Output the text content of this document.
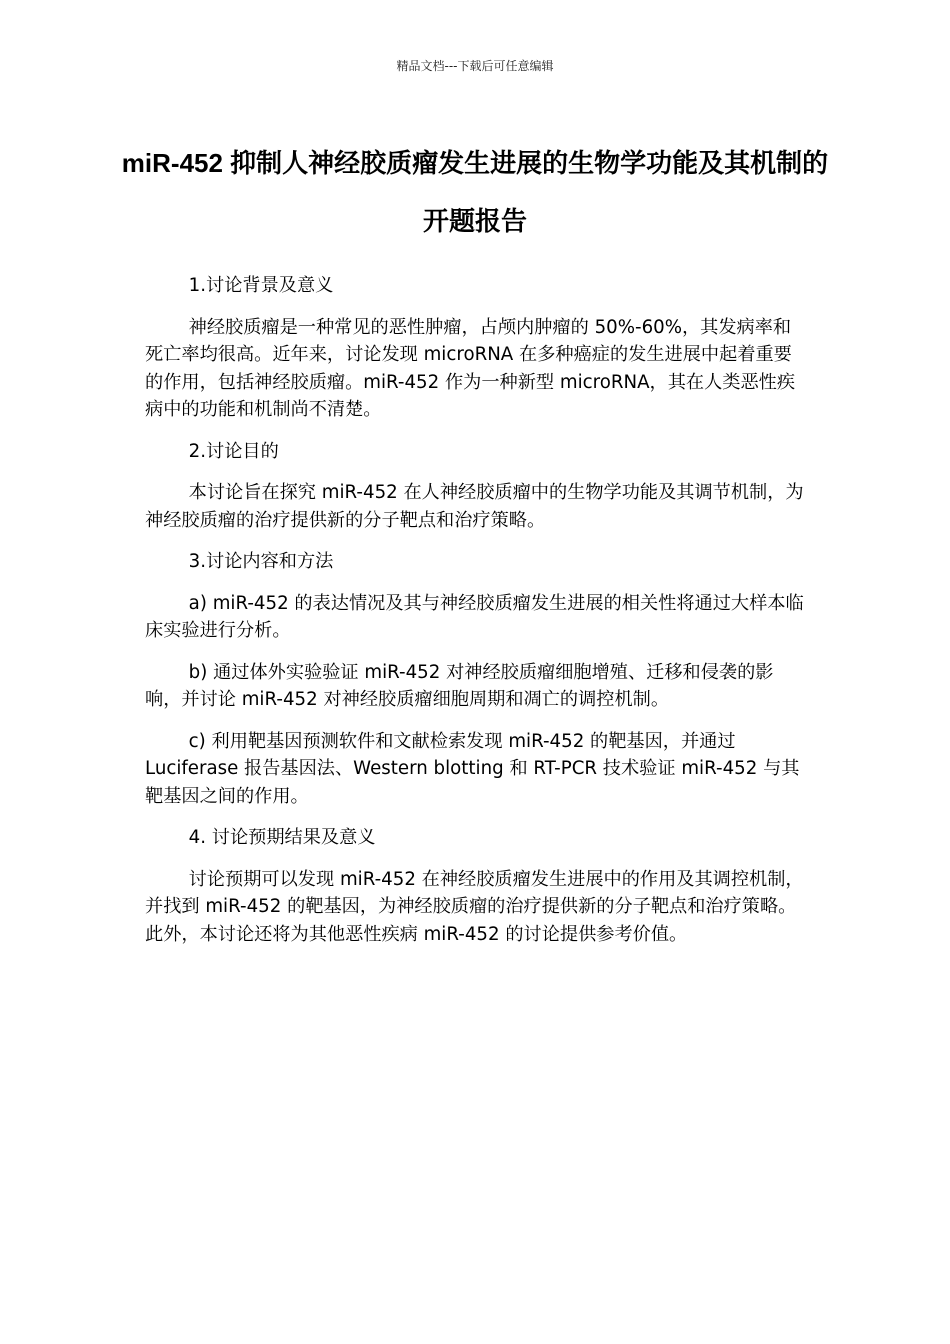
精品文档---下载后可任意编辑
miR-452 抑制人神经胶质瘤发生进展的生物学功能及其机制的开题报告

1.讨论背景及意义

神经胶质瘤是一种常见的恶性肿瘤，占颅内肿瘤的 50%-60%，其发病率和死亡率均很高。近年来，讨论发现 microRNA 在多种癌症的发生进展中起着重要的作用，包括神经胶质瘤。miR-452 作为一种新型 microRNA，其在人类恶性疾病中的功能和机制尚不清楚。

2.讨论目的

本讨论旨在探究 miR-452 在人神经胶质瘤中的生物学功能及其调节机制，为神经胶质瘤的治疗提供新的分子靶点和治疗策略。

3.讨论内容和方法

a) miR-452 的表达情况及其与神经胶质瘤发生进展的相关性将通过大样本临床实验进行分析。

b) 通过体外实验验证 miR-452 对神经胶质瘤细胞增殖、迁移和侵袭的影响，并讨论 miR-452 对神经胶质瘤细胞周期和凋亡的调控机制。

c) 利用靶基因预测软件和文献检索发现 miR-452 的靶基因，并通过 Luciferase 报告基因法、Western blotting 和 RT-PCR 技术验证 miR-452 与其靶基因之间的作用。

4. 讨论预期结果及意义

讨论预期可以发现 miR-452 在神经胶质瘤发生进展中的作用及其调控机制，并找到 miR-452 的靶基因，为神经胶质瘤的治疗提供新的分子靶点和治疗策略。此外，本讨论还将为其他恶性疾病 miR-452 的讨论提供参考价值。
